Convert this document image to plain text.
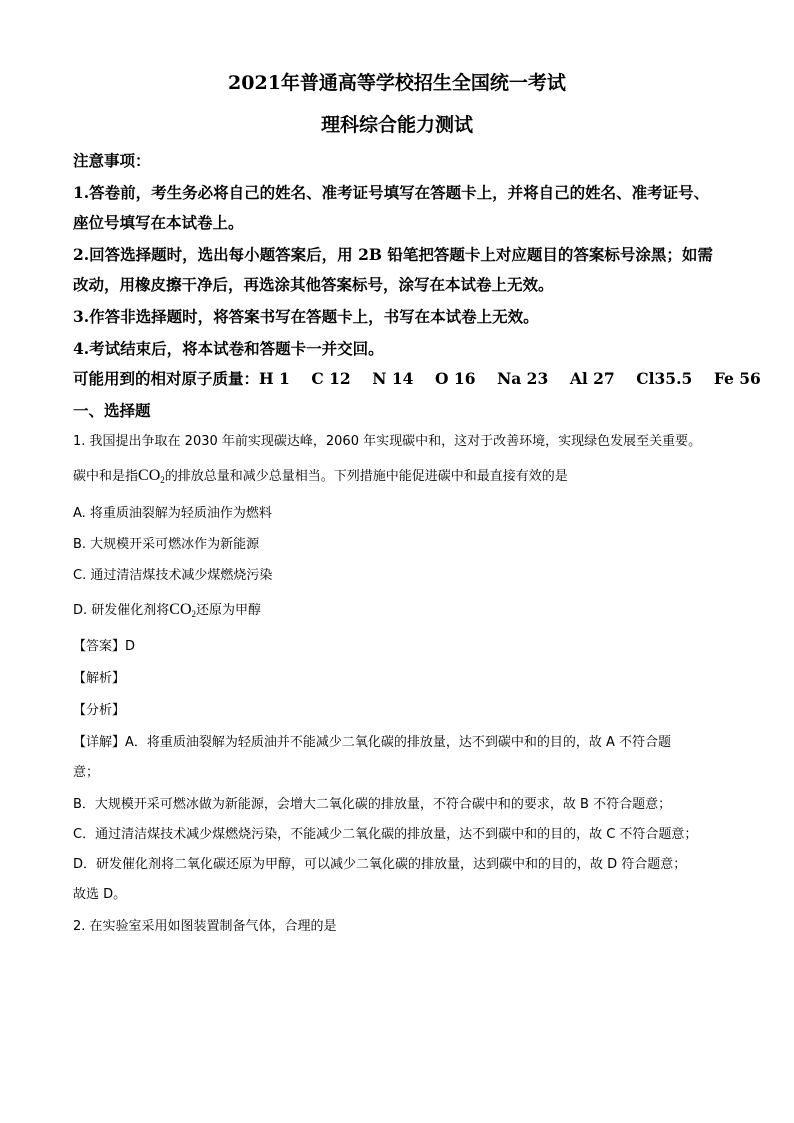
2021年普通高等学校招生全国统一考试
理科综合能力测试
注意事项：
1.答卷前，考生务必将自己的姓名、准考证号填写在答题卡上，并将自己的姓名、准考证号、
座位号填写在本试卷上。
2.回答选择题时，选出每小题答案后，用 2B 铅笔把答题卡上对应题目的答案标号涂黑；如需
改动，用橡皮擦干净后，再选涂其他答案标号，涂写在本试卷上无效。
3.作答非选择题时，将答案书写在答题卡上，书写在本试卷上无效。
4.考试结束后，将本试卷和答题卡一并交回。
可能用到的相对原子质量：H 1    C 12    N 14    O 16    Na 23    Al 27    Cl35.5    Fe 56
一、选择题
1. 我国提出争取在 2030 年前实现碳达峰，2060 年实现碳中和，这对于改善环境，实现绿色发展至关重要。
碳中和是指$CO_2$的排放总量和减少总量相当。下列措施中能促进碳中和最直接有效的是
A. 将重质油裂解为轻质油作为燃料
B. 大规模开采可燃冰作为新能源
C. 通过清洁煤技术减少煤燃烧污染
D. 研发催化剂将$CO_2$还原为甲醇
【答案】D
【解析】
【分析】
【详解】A．将重质油裂解为轻质油并不能减少二氧化碳的排放量，达不到碳中和的目的，故 A 不符合题
意；
B．大规模开采可燃冰做为新能源，会增大二氧化碳的排放量，不符合碳中和的要求，故 B 不符合题意；
C．通过清洁煤技术减少煤燃烧污染，不能减少二氧化碳的排放量，达不到碳中和的目的，故 C 不符合题意；
D．研发催化剂将二氧化碳还原为甲醇，可以减少二氧化碳的排放量，达到碳中和的目的，故 D 符合题意；
故选 D。
2. 在实验室采用如图装置制备气体，合理的是
